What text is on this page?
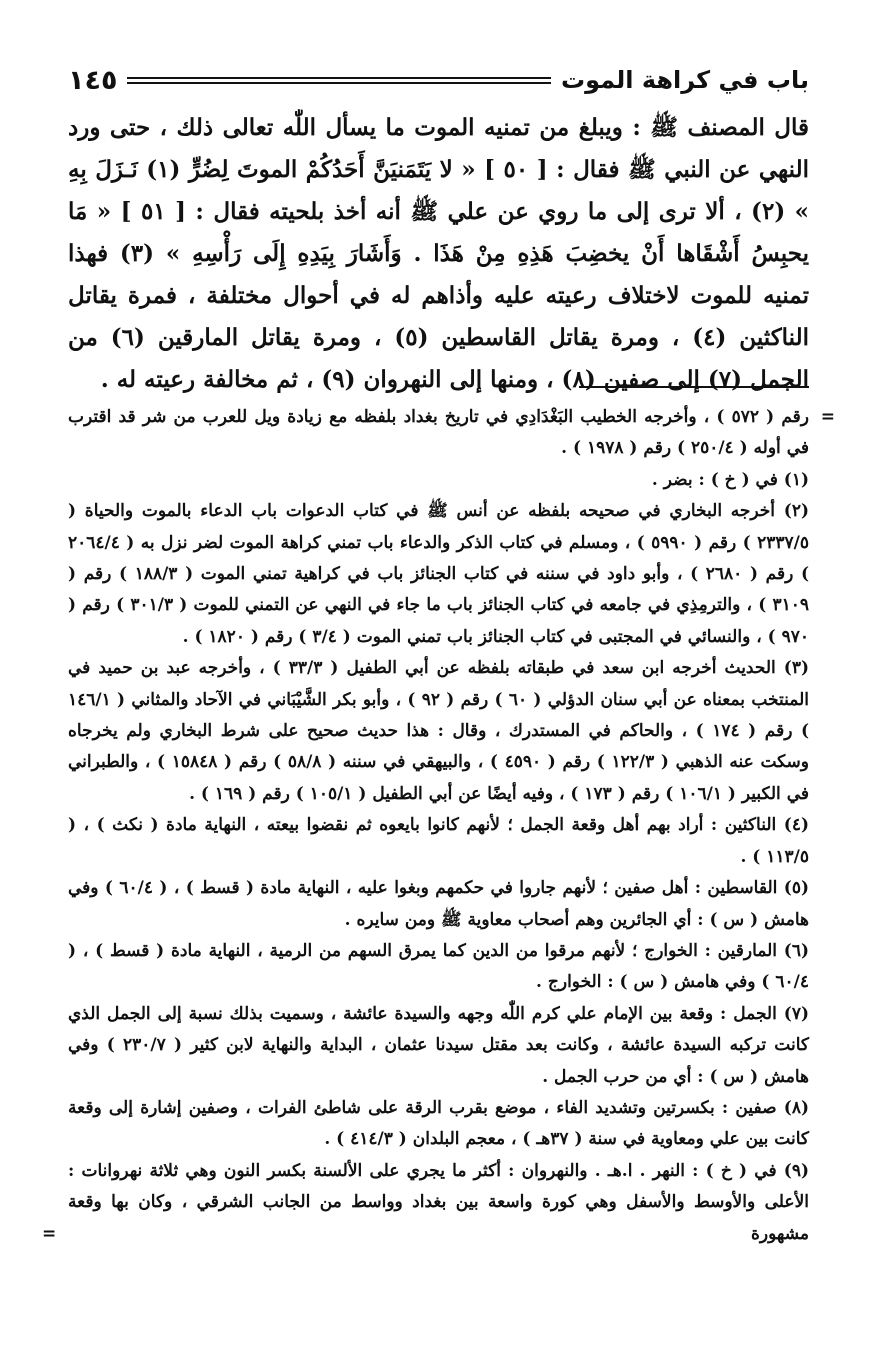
باب في كراهة الموت
١٤٥

قال المصنف ﷺ : ويبلغ من تمنيه الموت ما يسأل اللّٰه تعالى ذلك ، حتى ورد النهي عن النبي ﷺ فقال : [ ٥٠ ] « لا يَتَمَنيَنَّ أَحَدُكُمْ الموتَ لِضُرٍّ (١) نَـزَلَ بِهِ » (٢) ، ألا ترى إلى ما روي عن علي ﷺ أنه أخذ بلحيته فقال : [ ٥١ ] « مَا يحبِسُ أَشْقَاها أَنْ يخضِبَ هَذِهِ مِنْ هَذَا . وَأَشَارَ بِيَدِهِ إِلَى رَأْسِهِ » (٣) فهذا تمنيه للموت لاختلاف رعيته عليه وأذاهم له في أحوال مختلفة ، فمرة يقاتل الناكثين (٤) ، ومرة يقاتل القاسطين (٥) ، ومرة يقاتل المارقين (٦) من الجمل (٧) إلى صفين (٨) ، ومنها إلى النهروان (٩) ، ثم مخالفة رعيته له .

=
رقم ( ٥٧٢ ) ، وأخرجه الخطيب البَغْدَادِي في تاريخ بغداد بلفظه مع زيادة ويل للعرب من شر قد اقترب في أوله ( ٢٥٠/٤ ) رقم ( ١٩٧٨ ) .

(١) في ( خ ) : بضر .

(٢) أخرجه البخاري في صحيحه بلفظه عن أنس ﷺ في كتاب الدعوات باب الدعاء بالموت والحياة ( ٢٣٣٧/٥ ) رقم ( ٥٩٩٠ ) ، ومسلم في كتاب الذكر والدعاء باب تمني كراهة الموت لضر نزل به ( ٢٠٦٤/٤ ) رقم ( ٢٦٨٠ ) ، وأبو داود في سننه في كتاب الجنائز باب في كراهية تمني الموت ( ١٨٨/٣ ) رقم ( ٣١٠٩ ) ، والترمِذِي في جامعه في كتاب الجنائز باب ما جاء في النهي عن التمني للموت ( ٣٠١/٣ ) رقم ( ٩٧٠ ) ، والنسائي في المجتبى في كتاب الجنائز باب تمني الموت ( ٣/٤ ) رقم ( ١٨٢٠ ) .

(٣) الحديث أخرجه ابن سعد في طبقاته بلفظه عن أبي الطفيل ( ٣٣/٣ ) ، وأخرجه عبد بن حميد في المنتخب بمعناه عن أبي سنان الدؤلي ( ٦٠ ) رقم ( ٩٢ ) ، وأبو بكر الشَّيْبَاني في الآحاد والمثاني ( ١٤٦/١ ) رقم ( ١٧٤ ) ، والحاكم في المستدرك ، وقال : هذا حديث صحيح على شرط البخاري ولم يخرجاه وسكت عنه الذهبي ( ١٢٢/٣ ) رقم ( ٤٥٩٠ ) ، والبيهقي في سننه ( ٥٨/٨ ) رقم ( ١٥٨٤٨ ) ، والطبراني في الكبير ( ١٠٦/١ ) رقم ( ١٧٣ ) ، وفيه أيضًا عن أبي الطفيل ( ١٠٥/١ ) رقم ( ١٦٩ ) .

(٤) الناكثين : أراد بهم أهل وقعة الجمل ؛ لأنهم كانوا بايعوه ثم نقضوا بيعته ، النهاية مادة ( نكث ) ، ( ١١٣/٥ ) .

(٥) القاسطين : أهل صفين ؛ لأنهم جاروا في حكمهم وبغوا عليه ، النهاية مادة ( قسط ) ، ( ٦٠/٤ ) وفي هامش ( س ) : أي الجائرين وهم أصحاب معاوية ﷺ ومن سايره .

(٦) المارقين : الخوارج ؛ لأنهم مرقوا من الدين كما يمرق السهم من الرمية ، النهاية مادة ( قسط ) ، ( ٦٠/٤ ) وفي هامش ( س ) : الخوارج .

(٧) الجمل : وقعة بين الإمام علي كرم اللّٰه وجهه والسيدة عائشة ، وسميت بذلك نسبة إلى الجمل الذي كانت تركبه السيدة عائشة ، وكانت بعد مقتل سيدنا عثمان ، البداية والنهاية لابن كثير ( ٢٣٠/٧ ) وفي هامش ( س ) : أي من حرب الجمل .

(٨) صفين : بكسرتين وتشديد الفاء ، موضع بقرب الرقة على شاطئ الفرات ، وصفين إشارة إلى وقعة كانت بين علي ومعاوية في سنة ( ٣٧هـ ) ، معجم البلدان ( ٤١٤/٣ ) .

(٩) في ( خ ) : النهر . ا.هـ . والنهروان : أكثر ما يجري على الألسنة بكسر النون وهي ثلاثة نهروانات : الأعلى والأوسط والأسفل وهي كورة واسعة بين بغداد وواسط من الجانب الشرقي ، وكان بها وقعة مشهورة
=
